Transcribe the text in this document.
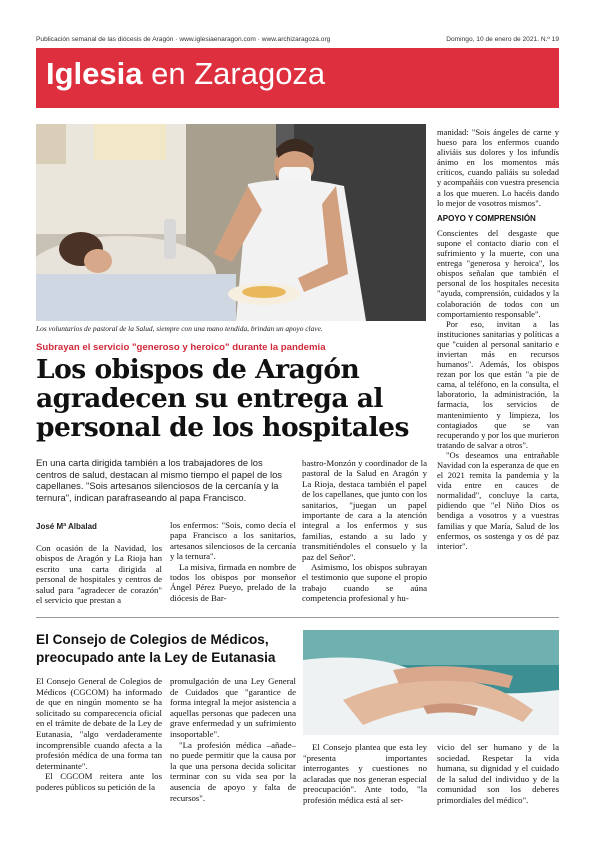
Publicación semanal de las diócesis de Aragón · www.iglesiaenaragon.com · www.archizaragoza.org	Domingo, 10 de enero de 2021. N.º 19
Iglesia en Zaragoza
Los voluntarios de pastoral de la Salud, siempre con una mano tendida, brindan un apoyo clave.
Subrayan el servicio "generoso y heroico" durante la pandemia
Los obispos de Aragón agradecen su entrega al personal de los hospitales
En una carta dirigida también a los trabajadores de los centros de salud, destacan al mismo tiempo el papel de los capellanes. "Sois artesanos silenciosos de la cercanía y la ternura", indican parafraseando al papa Francisco.
José Mª Albalad

Con ocasión de la Navidad, los obispos de Aragón y La Rioja han escrito una carta dirigida al personal de hospitales y centros de salud para "agradecer de corazón" el servicio que prestan a

los enfermos: "Sois, como decía el papa Francisco a los sanitarios, artesanos silenciosos de la cercanía y la ternura".

La misiva, firmada en nombre de todos los obispos por monseñor Ángel Pérez Pueyo, prelado de la diócesis de Bar-

bastro-Monzón y coordinador de la pastoral de la Salud en Aragón y La Rioja, destaca también el papel de los capellanes, que junto con los sanitarios, "juegan un papel importante de cara a la atención integral a los enfermos y sus familias, estando a su lado y transmitiéndoles el consuelo y la paz del Señor".

Asimismo, los obispos subrayan el testimonio que supone el propio trabajo cuando se aúna competencia profesional y hu-

manidad: "Sois ángeles de carne y hueso para los enfermos cuando aliviáis sus dolores y los infundís ánimo en los momentos más críticos, cuando paliáis su soledad y acompañáis con vuestra presencia a los que mueren. Lo hacéis dando lo mejor de vosotros mismos".

APOYO Y COMPRENSIÓN

Conscientes del desgaste que supone el contacto diario con el sufrimiento y la muerte, con una entrega "generosa y heroica", los obispos señalan que también el personal de los hospitales necesita "ayuda, comprensión, cuidados y la colaboración de todos con un comportamiento responsable".

Por eso, invitan a las instituciones sanitarias y políticas a que "cuiden al personal sanitario e inviertan más en recursos humanos". Además, los obispos rezan por los que están "a pie de cama, al teléfono, en la consulta, el laboratorio, la administración, la farmacia, los servicios de mantenimiento y limpieza, los contagiados que se van recuperando y por los que murieron tratando de salvar a otros".

"Os deseamos una entrañable Navidad con la esperanza de que en el 2021 remita la pandemia y la vida entre en cauces de normalidad", concluye la carta, pidiendo que "el Niño Dios os bendiga a vosotros y a vuestras familias y que María, Salud de los enfermos, os sostenga y os dé paz interior".

El Consejo de Colegios de Médicos, preocupado ante la Ley de Eutanasia

El Consejo General de Colegios de Médicos (CGCOM) ha informado de que en ningún momento se ha solicitado su comparecencia oficial en el trámite de debate de la Ley de Eutanasia, "algo verdaderamente incomprensible cuando afecta a la profesión médica de una forma tan determinante".

El CGCOM reitera ante los poderes públicos su petición de la

promulgación de una Ley General de Cuidados que "garantice de forma integral la mejor asistencia a aquellas personas que padecen una grave enfermedad y un sufrimiento insoportable".

"La profesión médica –añade– no puede permitir que la causa por la que una persona decida solicitar terminar con su vida sea por la ausencia de apoyo y falta de recursos".

El Consejo plantea que esta ley "presenta importantes interrogantes y cuestiones no aclaradas que nos generan especial preocupación". Ante todo, "la profesión médica está al ser-

vicio del ser humano y de la sociedad. Respetar la vida humana, su dignidad y el cuidado de la salud del individuo y de la comunidad son los deberes primordiales del médico".
